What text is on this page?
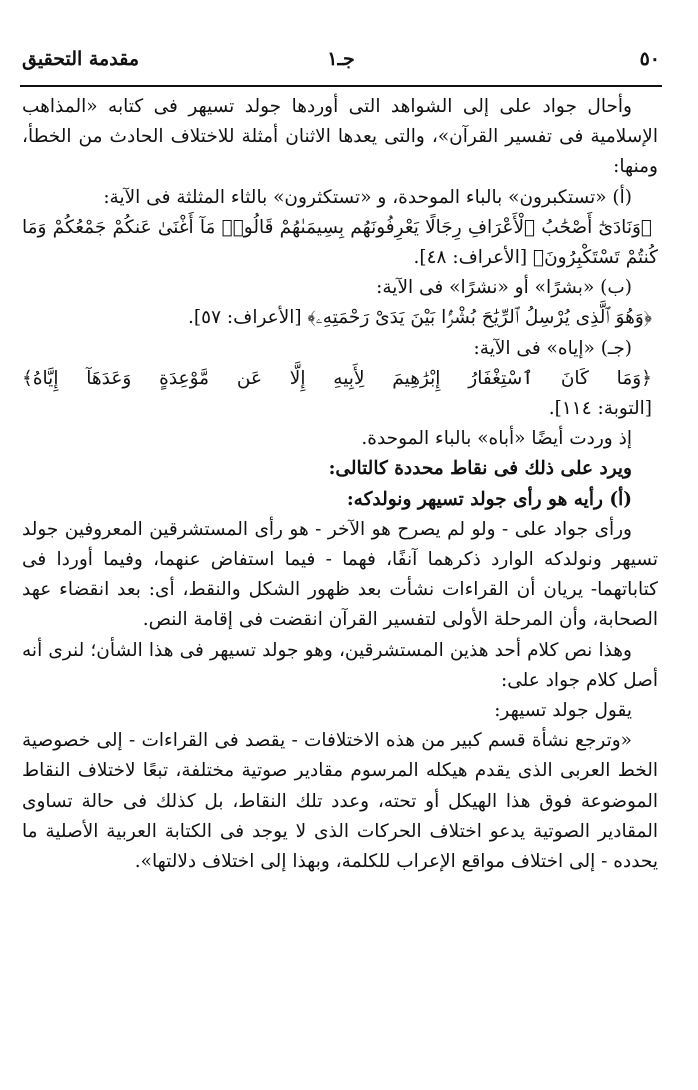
٥٠
جـ١
مقدمة التحقيق

وأحال جواد على إلى الشواهد التى أوردها جولد تسيهر فى كتابه «المذاهب الإسلامية فى تفسير القرآن»، والتى يعدها الاثنان أمثلة للاختلاف الحادث من الخطأ، ومنها:

(أ) «تستكبرون» بالباء الموحدة، و «تستكثرون» بالثاء المثلثة فى الآية:

﴿وَنَادَىٰٓ أَصْحَٰبُ ٱلْأَعْرَافِ رِجَالًا يَعْرِفُونَهُم بِسِيمَىٰهُمْ قَالُوا۟ مَآ أَغْنَىٰ عَنكُمْ جَمْعُكُمْ وَمَا كُنتُمْ تَسْتَكْبِرُونَ﴾ [الأعراف: ٤٨].

(ب) «بشرًا» أو «نشرًا» فى الآية:

﴿وَهُوَ ٱلَّذِى يُرْسِلُ ٱلرِّيَٰحَ بُشْرًۢا بَيْنَ يَدَىْ رَحْمَتِهِۦ﴾ [الأعراف: ٥٧].

(جـ) «إياه» فى الآية:

﴿وَمَا كَانَ ٱسْتِغْفَارُ إِبْرَٰهِيمَ لِأَبِيهِ إِلَّا عَن مَّوْعِدَةٍ وَعَدَهَآ إِيَّاهُ﴾

[التوبة: ١١٤].

إذ وردت أيضًا «أباه» بالباء الموحدة.

ويرد على ذلك فى نقاط محددة كالتالى:

(أ) رأيه هو رأى جولد تسيهر ونولدكه:

ورأى جواد على - ولو لم يصرح هو الآخر - هو رأى المستشرقين المعروفين جولد تسيهر ونولدكه الوارد ذكرهما آنفًا، فهما - فيما استفاض عنهما، وفيما أوردا فى كتاباتهما- يريان أن القراءات نشأت بعد ظهور الشكل والنقط، أى: بعد انقضاء عهد الصحابة، وأن المرحلة الأولى لتفسير القرآن انقضت فى إقامة النص.

وهذا نص كلام أحد هذين المستشرقين، وهو جولد تسيهر فى هذا الشأن؛ لنرى أنه أصل كلام جواد على:

يقول جولد تسيهر:

«وترجع نشأة قسم كبير من هذه الاختلافات - يقصد فى القراءات - إلى خصوصية الخط العربى الذى يقدم هيكله المرسوم مقادير صوتية مختلفة، تبعًا لاختلاف النقاط الموضوعة فوق هذا الهيكل أو تحته، وعدد تلك النقاط، بل كذلك فى حالة تساوى المقادير الصوتية يدعو اختلاف الحركات الذى لا يوجد فى الكتابة العربية الأصلية ما يحدده - إلى اختلاف مواقع الإعراب للكلمة، وبهذا إلى اختلاف دلالتها».
